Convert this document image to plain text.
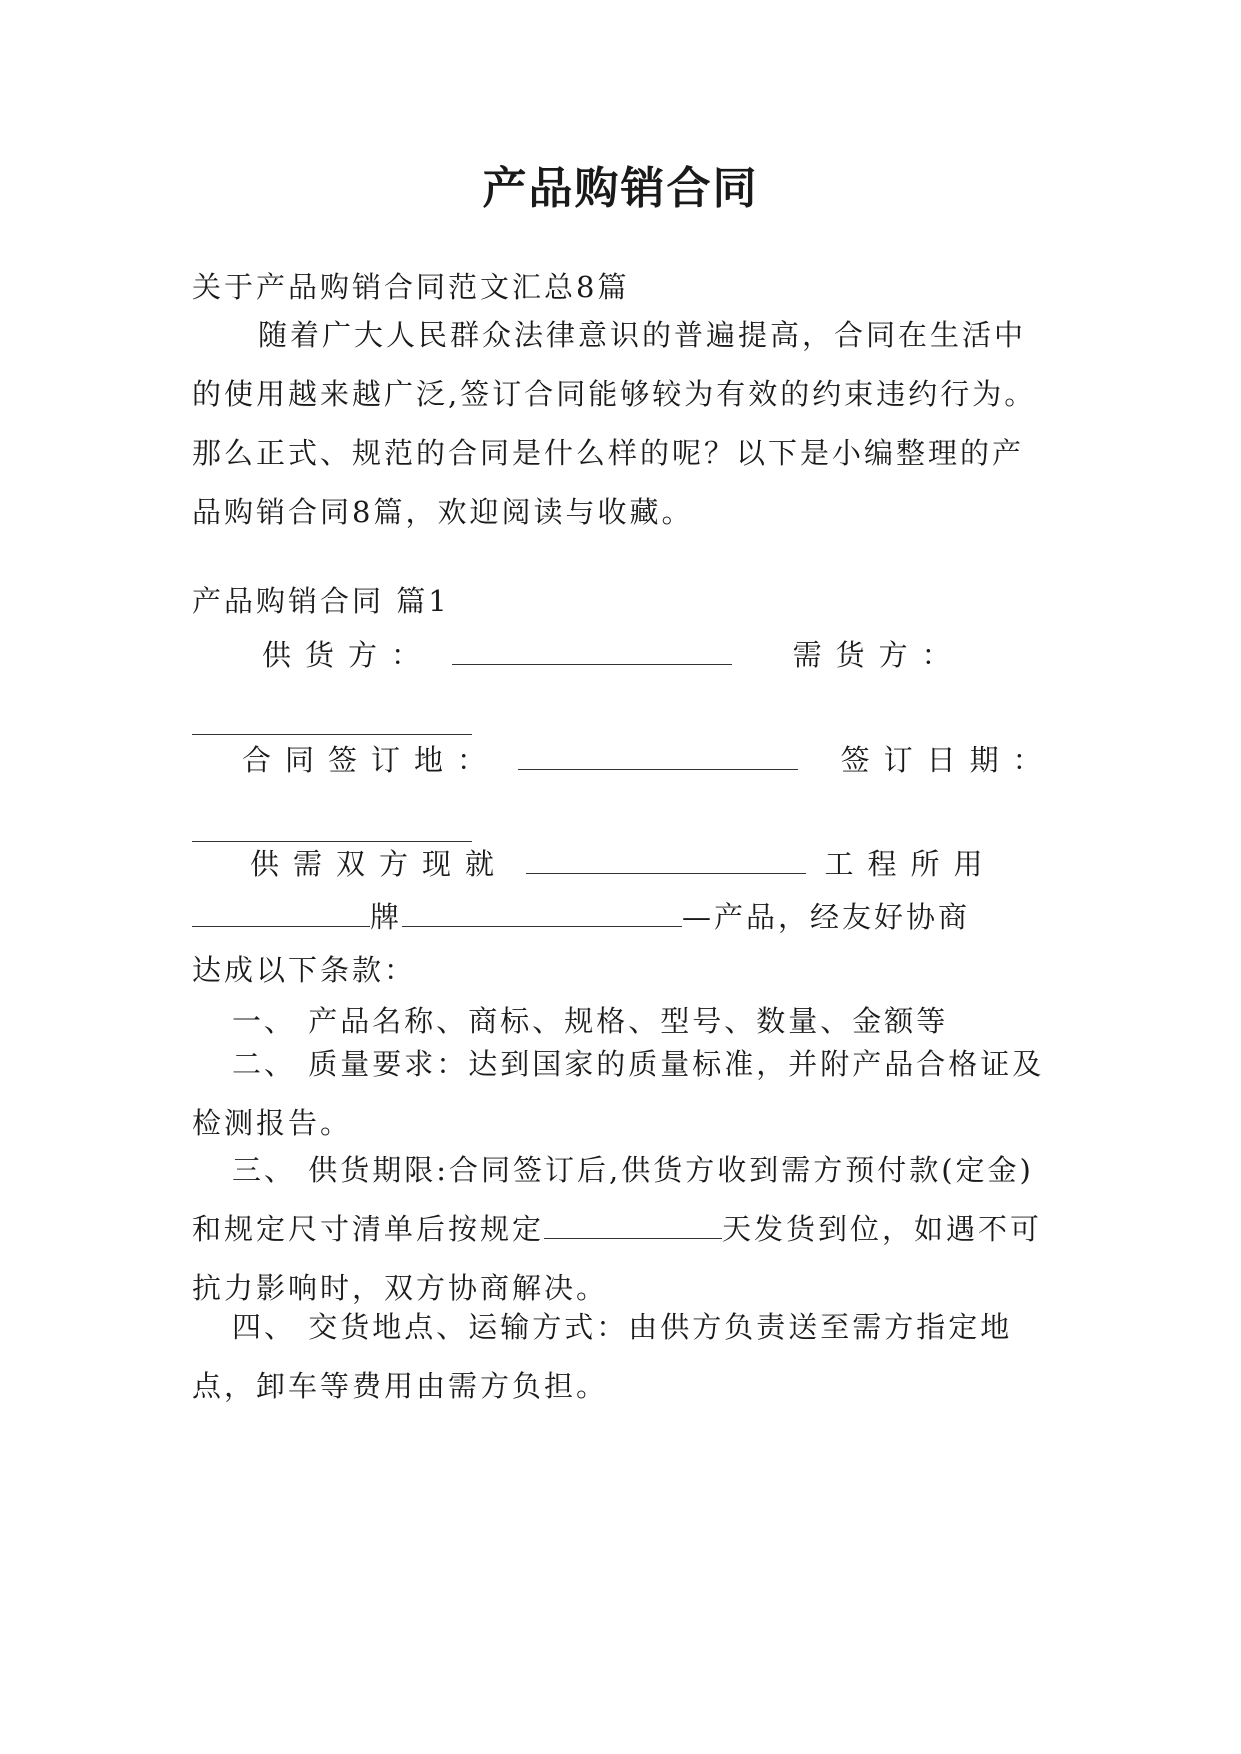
产品购销合同
关于产品购销合同范文汇总8篇
随着广大人民群众法律意识的普遍提高，合同在生活中的使用越来越广泛,签订合同能够较为有效的约束违约行为。那么正式、规范的合同是什么样的呢？以下是小编整理的产品购销合同8篇，欢迎阅读与收藏。
产品购销合同 篇1
供货方：	需货方：
合同签订地：	签订日期：
供需双方现就	工程所用
牌	—产品，经友好协商
达成以下条款：
一、 产品名称、商标、规格、型号、数量、金额等
二、 质量要求：达到国家的质量标准，并附产品合格证及检测报告。
三、 供货期限:合同签订后,供货方收到需方预付款(定金)和规定尺寸清单后按规定	天发货到位，如遇不可抗力影响时，双方协商解决。
四、 交货地点、运输方式：由供方负责送至需方指定地点，卸车等费用由需方负担。
